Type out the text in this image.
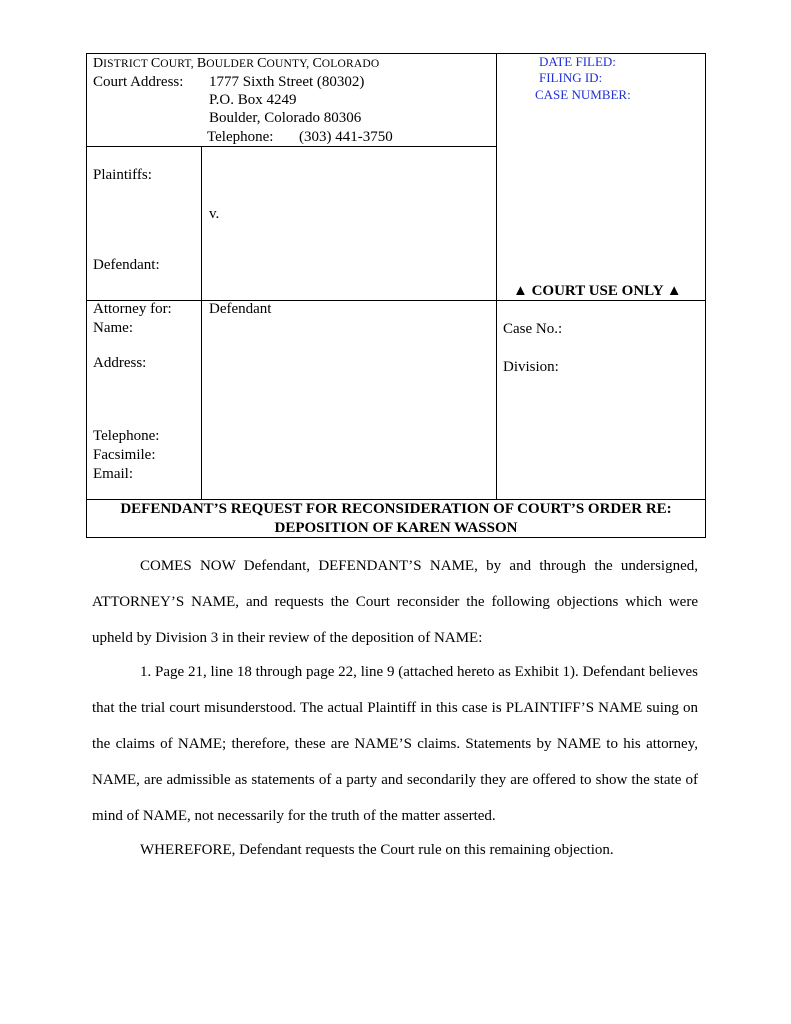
DISTRICT COURT, BOULDER COUNTY, COLORADO
Court Address: 1777 Sixth Street (80302)
P.O. Box 4249
Boulder, Colorado 80306
Telephone: (303) 441-3750
DATE FILED:
FILING ID:
CASE NUMBER:
Plaintiffs:
v.
Defendant:
▲ COURT USE ONLY ▲
Attorney for: Defendant
Name:
Address:
Telephone:
Facsimile:
Email:
Case No.:
Division:
DEFENDANT’S REQUEST FOR RECONSIDERATION OF COURT’S ORDER RE:
DEPOSITION OF KAREN WASSON
COMES NOW Defendant, DEFENDANT’S NAME, by and through the undersigned, ATTORNEY’S NAME, and requests the Court reconsider the following objections which were upheld by Division 3 in their review of the deposition of NAME:
1. Page 21, line 18 through page 22, line 9 (attached hereto as Exhibit 1). Defendant believes that the trial court misunderstood. The actual Plaintiff in this case is PLAINTIFF’S NAME suing on the claims of NAME; therefore, these are NAME’S claims. Statements by NAME to his attorney, NAME, are admissible as statements of a party and secondarily they are offered to show the state of mind of NAME, not necessarily for the truth of the matter asserted.
WHEREFORE, Defendant requests the Court rule on this remaining objection.
